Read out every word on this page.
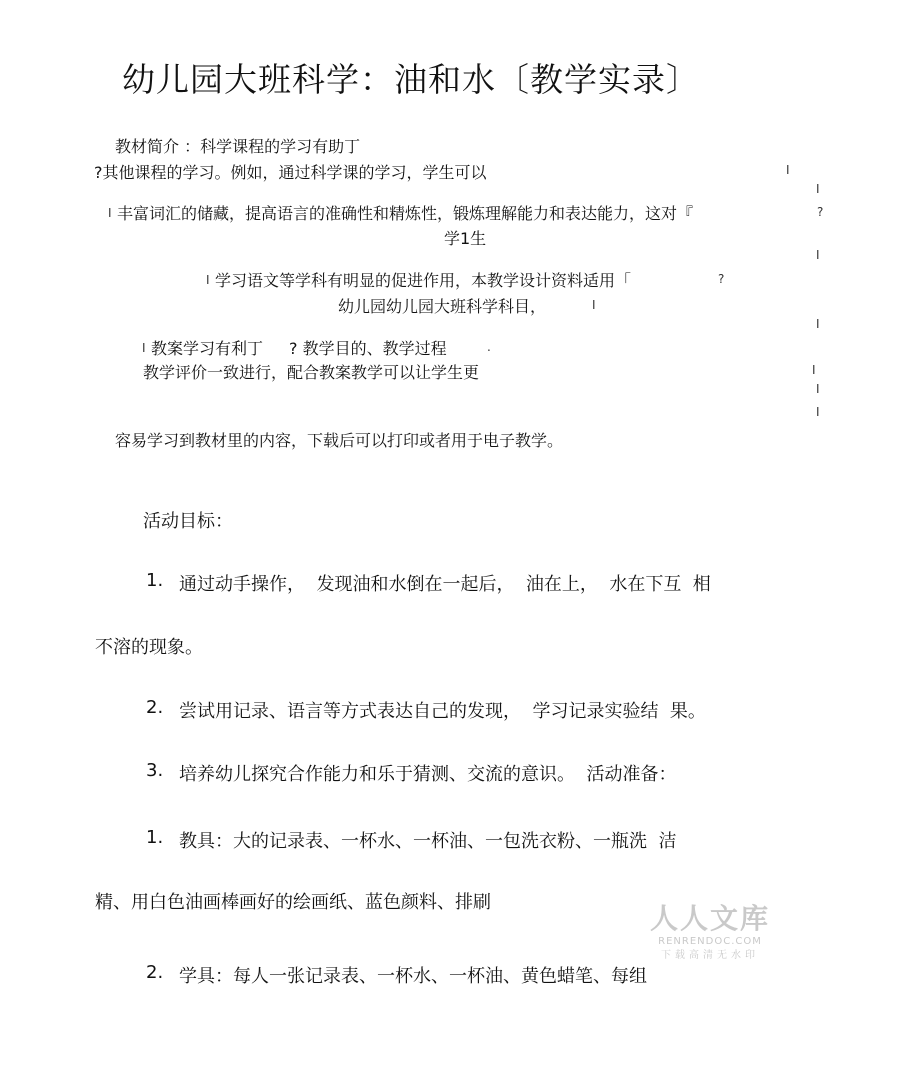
幼儿园大班科学：油和水〔教学实录〕
教材简介 ：科学课程的学习有助丁
?其他课程的学习。例如，通过科学课的学习，学生可以	I
I
I 丰富词汇的储藏，提高语言的准确性和精炼性，锻炼理解能力和表达能力，这对『	?
学1生
I
I 学习语文等学科有明显的促进作用，本教学设计资料适用「	?
幼儿园幼儿园大班科学科目，	I
I
I 教案学习有利丁 ? 教学目的、教学过程	.
教学评价一致进行，配合教案教学可以让学生更	I
I
I
容易学习到教材里的内容，下载后可以打印或者用于电子教学。
活动目标：
1. 通过动手操作，  发现油和水倒在一起后，  油在上，  水在下互  相
不溶的现象。
2. 尝试用记录、语言等方式表达自己的发现，  学习记录实验结  果。
3. 培养幼儿探究合作能力和乐于猜测、交流的意识。  活动准备：
1. 教具：大的记录表、一杯水、一杯油、一包洗衣粉、一瓶洗  洁
精、用白色油画棒画好的绘画纸、蓝色颜料、排刷
2. 学具：每人一张记录表、一杯水、一杯油、黄色蜡笔、每组
人人文库
RENRENDOC.COM
下载高清无水印
